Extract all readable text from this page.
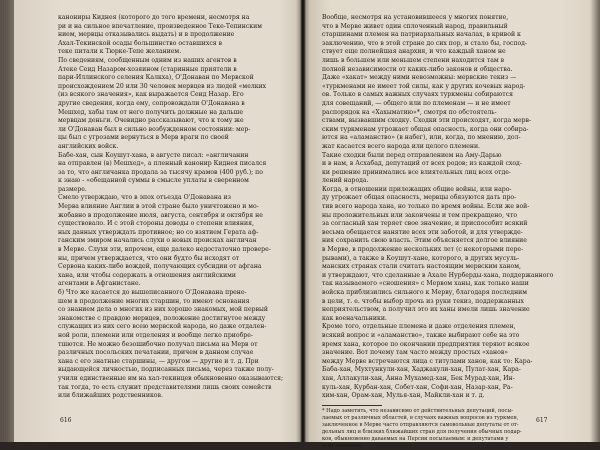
канониры Киднея (которого до того времени, несмотря на
ри и на сильное впечатление, произведенное Теке-Тепинским
нием, мервцы отказывались выдать) и в продолжение
Ахал-Текинской осады большинство оставшихся в
теке питали к Тюрке-Тепе желанием.
По сведениям, сообщенным одним из наших агентов в
Атеке Сеид Назаром-хозяином (старинные приятели в
пари-Иллинского селения Калкха), О'Донаван по Мервской
происхождением 20 или 30 человек мервцев из людей «мелких
(из всякого значения», как выражается Сеид Назар. Его
другие сведения, когда ему, сопровождали О'Донавана в
Мешхед, хабы там от него получить должные на дальше
мервцам деньги. Очевидно рассказывают, что к тому же
ли О'Донаван был в сильно возбужденном состоянии: мер-
цы был с угрозами вернуться в Мерв враги по своей
английских войск.
Бабе-хан, сын Коушут-хана, в августе писал: «англичанин
на отправлен (в) Мешхед», а пленный канонир Киднея писался
за то, что англичанка продала за тысячу крамов (400 руб.); по
к знаю - «обещанной суммы в смысле уплаты в сверенном
размере.
Смело утверждаю, что в эпох отъезда О'Донавана из
Мерва влияние Англии в этой стране было уничтожено и мо-
жобавно в продолжение июля, августа, сентября и октября не
существовало. И с этой стороны доводы о степени влияния,
ных данных утверждать противное; но со взятием Герата аф-
ганским эмиром начались слухи о новых происках англичан
в Мерве. Слухи эти, впрочем, еще далеко недостаточно провере-
ны, причем утверждается, что они будто бы исходят от
Сервона каких-либо вождей, получающих субсидии от афгана
хана, или чтобы содержать в отношения английскими
агентами в Афганистане.
б) Что же касается до вышеписанного О'Донавана прене-
шем в продолжение многих старшин, то имеют основания
со знанием дела о многих из них хорошо знакомых, мой первый
знакомстве с правдою мервцев, положение достигнутое между
служащих из них сего всею мервской народа, но даже отдален-
ной роли, племени или отделения и вообще легко приобре-
тшются. Не можно безошибочно получал письма на Мерв от
различных посольских печатании, причем в данном случае
хана с его знатные старшины, — другом — другие и т. д. При
выдающейся личностью, подписанных письма, через также полу-
учили единственные им на хал-текинцев обыкновенно оказываются;
так тогда, то есть служит представителями лишь своих семейств
или ближайших родственников.
Вообще, несмотря на установившееся у многих понятие,
что в Мерве живет один сплоченный народ, правильный
старшинами племен на патриархальных началах, в кривой к
заключению, что в этой стране до сих пор, и стало бы, господ-
ствует еще полнейшая анархия, и что каждый ханом не
лишь в большем или меньшем степени находится там в
полной независимости от каких-либо законов и общества.
Даже «хакат» между ними невозможны: мервские текиз —
«туркменами не имеет той силы, как у других кочевых народ-
ов. Только в самых важных случаях туркмены собираются
для совещаний, — общего или по племенам — и не имеет
распорядок на «Хахыматию»*, смотря по обстоятель-
ствами, вызвавшим сходку. Сходки эти происходят, когда мерв-
ским туркменам угрожает общая опасность, когда они собира-
ются на «аламанство» (в набег), или, когда, по мнению, дол-
жат касается всего народа или целого племени.
Такие сходки были перед отправлением на Аму-Дарью
и в нам, в Асхабад, депутаций от всех родов; из каждой сход-
ки решение принимались все влиятельных лиц всех отде-
лений народа.
Когда, в отношении прилежащих общие войны, или наро-
ду угрожает общая опасность, мервцы обязуются дать про-
тив всего народа хана, но только по время войны. Если же вой-
ны проложительных или закончены и тем прекращено, что
за согласный хан теряет свое значение, и приспособит всякий
весьма обещается нанятие всех эти заботой, и для утвержде-
ния сохранить свою власть. Этим объясняется долгое влияние
в Мерве, в продолжение нескольких лет (с некоторыми пере-
рывами), а также в Коушут-хане, которого, в других мусуль-
манских странах стали считать настоящим мервским ханом,
и утверждают, что сделанные в Ахале Нурберды-хана, поддержанного
так называемого «сношения» с Мервом ханы, как только наши
войска приблизились сильного к Мерву, благодаря последним
в цели, т. е. чтобы выбор прочь из руки текиз, поддержанных
неприятельством, а получил это их ханы имели лишь значение
как военачальники.
Кроме того, отдельные племена и даже отделения племен,
всякий вопрос и «аламанство», также выбирают себе на это
время хана, которое по окончании предприятия теряют всякое
значение. Вот почему там часто между простых «ханов»
между Мерве встречаются лица с титулами ханов, как то: Кара-
Баба-хан, Мухтункули-хан, Хаджакули-хан, Пулат-хан, Кара-
хан, Аллакули-хан, Анна Мухамед-хан, Бек Мурад-хан, Ин-
куль-хан, Курбан-хан, Собет-хан, Софи-хан, Назар-хан, Ра-
хим-хан, Орам-хан, Мулья-хан, Майкли-хан и т. д.
* Надо заметить, что независимо от действительных депутаций, посы-
лаемых от различных областей, в случаях важных вопросов из туркмен,
заключенное в Мерве часто отправляются самовольные депутаты от от-
дельных лиц и близких ближайших стран для получения обычных подар-
ков, обыкновенно даваемых на Персии посылаемым: и депутатами у
всех знакомых.
616	617
